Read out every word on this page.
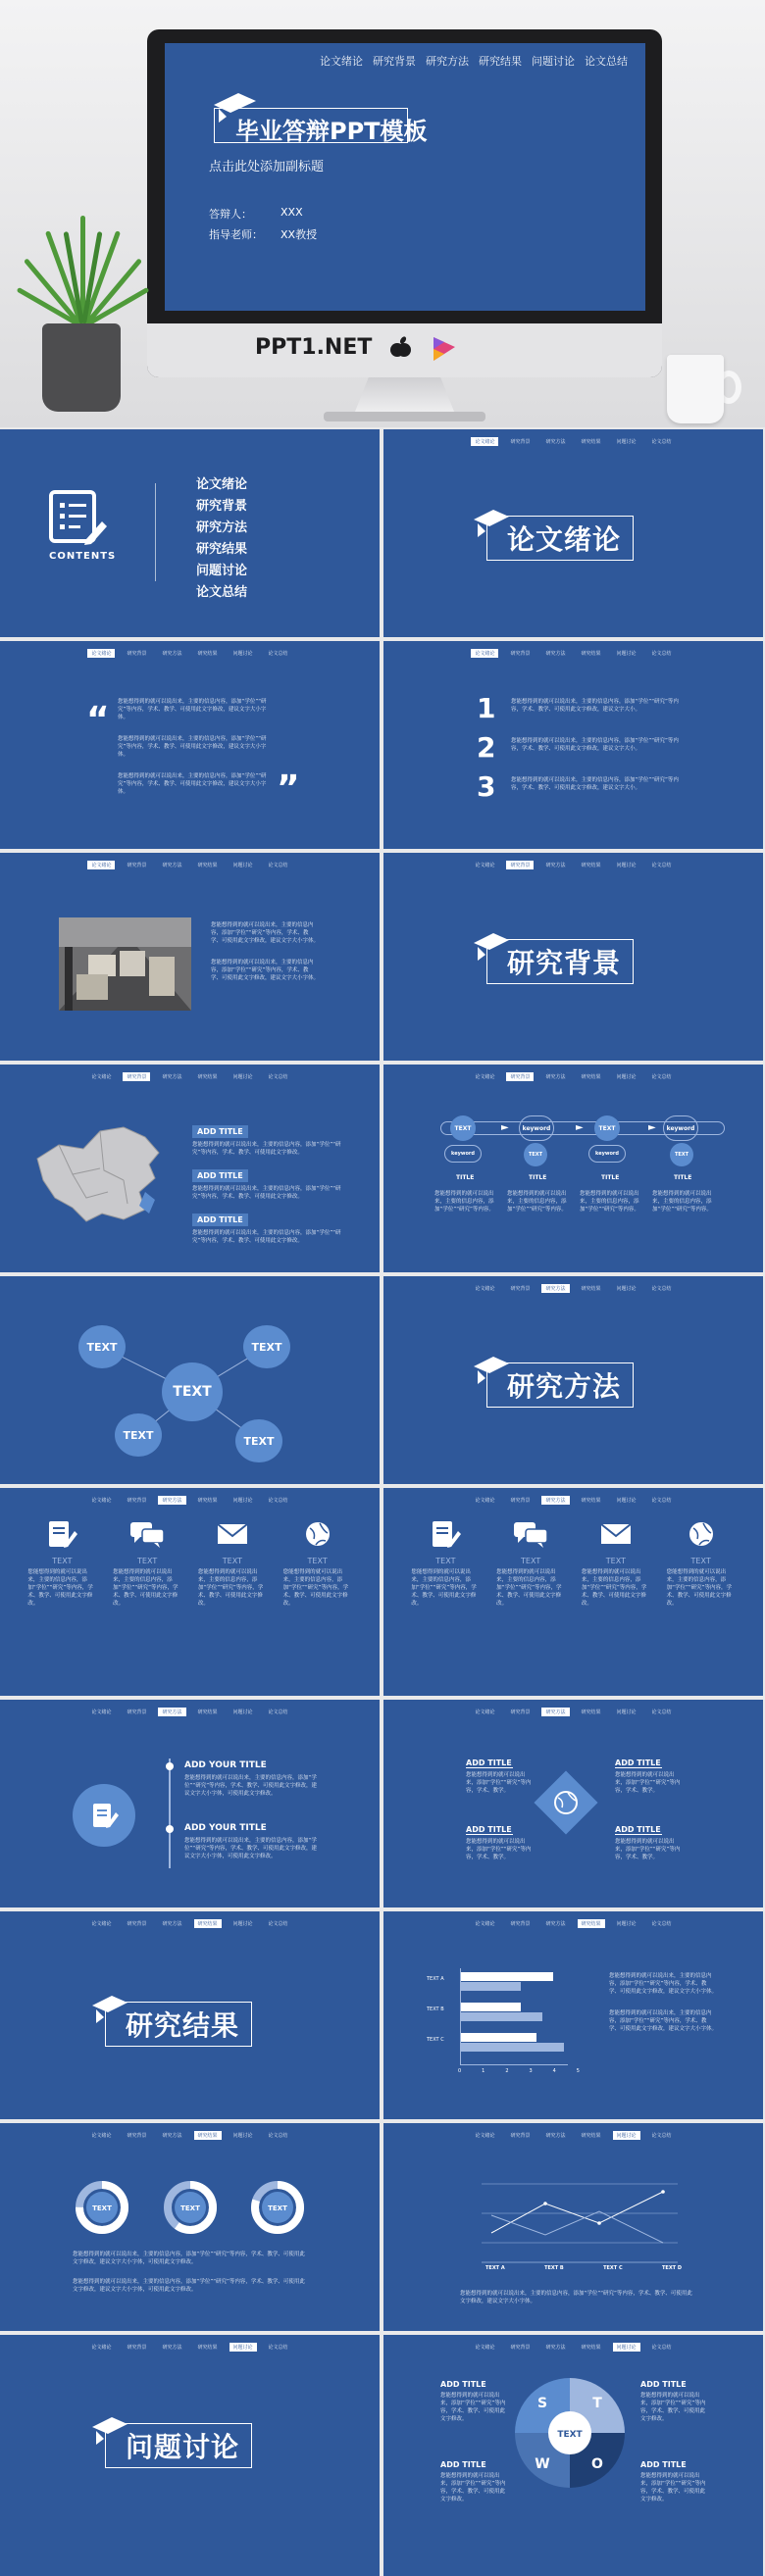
论文绪论 研究背景 研究方法 研究结果 问题讨论 论文总结
毕业答辩PPT模板
点击此处添加副标题
答辩人：	XXX
指导老师： XX教授
PPT1.NET
CONTENTS
论文绪论
研究背景
研究方法
研究结果
问题讨论
论文总结
论文绪论	研究背景	研究方法	研究结果	问题讨论	论文总结
论文绪论
论文绪论	研究背景	研究方法	研究结果	问题讨论	论文总结
“ 您能想得到的就可以说出来，主要的信息内容，添加“学位”“研究”等内容，学术、教学、可使用此文字修改，建议文字大小字体。
您能想得到的就可以说出来，主要的信息内容，添加“学位”“研究”等内容，学术、教学、可使用此文字修改，建议文字大小字体。
您能想得到的就可以说出来，主要的信息内容，添加“学位”“研究”等内容，学术、教学、可使用此文字修改，建议文字大小字体。	”
论文绪论	研究背景	研究方法	研究结果	问题讨论	论文总结
1	您能想得到的就可以说出来，主要的信息内容，添加“学位”“研究”等内容，学术、教学、可使用此文字修改，建议文字大小。
2	您能想得到的就可以说出来，主要的信息内容，添加“学位”“研究”等内容，学术、教学、可使用此文字修改，建议文字大小。
3	您能想得到的就可以说出来，主要的信息内容，添加“学位”“研究”等内容，学术、教学、可使用此文字修改，建议文字大小。
论文绪论	研究背景	研究方法	研究结果	问题讨论	论文总结
您能想得到的就可以说出来，主要的信息内容，添加“学位”“研究”等内容，学术、教学、可使用此文字修改，建议文字大小字体。
您能想得到的就可以说出来，主要的信息内容，添加“学位”“研究”等内容，学术、教学、可使用此文字修改，建议文字大小字体。
论文绪论	研究背景	研究方法	研究结果	问题讨论	论文总结
研究背景
论文绪论	研究背景	研究方法	研究结果	问题讨论	论文总结
ADD TITLE
您能想得到的就可以说出来，主要的信息内容，添加“学位”“研究”等内容，学术、教学、可使用此文字修改。
ADD TITLE
您能想得到的就可以说出来，主要的信息内容，添加“学位”“研究”等内容，学术、教学、可使用此文字修改。
ADD TITLE
您能想得到的就可以说出来，主要的信息内容，添加“学位”“研究”等内容，学术、教学、可使用此文字修改。
论文绪论	研究背景	研究方法	研究结果	问题讨论	论文总结
►	►	►
TEXT	keyword	TEXT	keyword
keyword	TEXT	keyword	TEXT
TITLE	TITLE	TITLE	TITLE
您能想得到的就可以说出来，主要的信息内容，添加“学位”“研究”等内容。
您能想得到的就可以说出来，主要的信息内容，添加“学位”“研究”等内容。
您能想得到的就可以说出来，主要的信息内容，添加“学位”“研究”等内容。
您能想得到的就可以说出来，主要的信息内容，添加“学位”“研究”等内容。
TEXT	TEXT
TEXT
TEXT	TEXT
论文绪论	研究背景	研究方法	研究结果	问题讨论	论文总结
研究方法
论文绪论	研究背景	研究方法	研究结果	问题讨论	论文总结
TEXT
您能想得到的就可以说出来，主要的信息内容，添加“学位”“研究”等内容，学术、教学、可使用此文字修改。
TEXT
您能想得到的就可以说出来，主要的信息内容，添加“学位”“研究”等内容，学术、教学、可使用此文字修改。
TEXT
您能想得到的就可以说出来，主要的信息内容，添加“学位”“研究”等内容，学术、教学、可使用此文字修改。
TEXT
您能想得到的就可以说出来，主要的信息内容，添加“学位”“研究”等内容，学术、教学、可使用此文字修改。
论文绪论	研究背景	研究方法	研究结果	问题讨论	论文总结
TEXT
您能想得到的就可以说出来，主要的信息内容，添加“学位”“研究”等内容，学术、教学、可使用此文字修改。
TEXT
您能想得到的就可以说出来，主要的信息内容，添加“学位”“研究”等内容，学术、教学、可使用此文字修改。
TEXT
您能想得到的就可以说出来，主要的信息内容，添加“学位”“研究”等内容，学术、教学、可使用此文字修改。
TEXT
您能想得到的就可以说出来，主要的信息内容，添加“学位”“研究”等内容，学术、教学、可使用此文字修改。
论文绪论	研究背景	研究方法	研究结果	问题讨论	论文总结
ADD YOUR TITLE
您能想得到的就可以说出来，主要的信息内容，添加“学位”“研究”等内容，学术、教学、可使用此文字修改，建议文字大小字体，可使用此文字修改。
ADD YOUR TITLE
您能想得到的就可以说出来，主要的信息内容，添加“学位”“研究”等内容，学术、教学、可使用此文字修改，建议文字大小字体，可使用此文字修改。
论文绪论	研究背景	研究方法	研究结果	问题讨论	论文总结
ADD TITLE
您能想得到的就可以说出来，添加“学位”“研究”等内容，学术、教学。
ADD TITLE
您能想得到的就可以说出来，添加“学位”“研究”等内容，学术、教学。
ADD TITLE
您能想得到的就可以说出来，添加“学位”“研究”等内容，学术、教学。
ADD TITLE
您能想得到的就可以说出来，添加“学位”“研究”等内容，学术、教学。
论文绪论	研究背景	研究方法	研究结果	问题讨论	论文总结
研究结果
论文绪论	研究背景	研究方法	研究结果	问题讨论	论文总结
TEXT A
TEXT B
TEXT C
0	1	2	3	4	5
您能想得到的就可以说出来，主要的信息内容，添加“学位”“研究”等内容，学术、教学、可使用此文字修改，建议文字大小字体。
您能想得到的就可以说出来，主要的信息内容，添加“学位”“研究”等内容，学术、教学、可使用此文字修改，建议文字大小字体。
论文绪论	研究背景	研究方法	研究结果	问题讨论	论文总结
TEXT	TEXT	TEXT
您能想得到的就可以说出来，主要的信息内容，添加“学位”“研究”等内容，学术、教学、可使用此文字修改，建议文字大小字体，可使用此文字修改。
您能想得到的就可以说出来，主要的信息内容，添加“学位”“研究”等内容，学术、教学、可使用此文字修改，建议文字大小字体，可使用此文字修改。
论文绪论	研究背景	研究方法	研究结果	问题讨论	论文总结
TEXT A	TEXT B	TEXT C	TEXT D
您能想得到的就可以说出来，主要的信息内容，添加“学位”“研究”等内容，学术、教学、可使用此文字修改，建议文字大小字体。
论文绪论	研究背景	研究方法	研究结果	问题讨论	论文总结
问题讨论
论文绪论	研究背景	研究方法	研究结果	问题讨论	论文总结
TEXT
S	T
O
W
ADD TITLE
您能想得到的就可以说出来，添加“学位”“研究”等内容，学术、教学、可使用此文字修改。
ADD TITLE
您能想得到的就可以说出来，添加“学位”“研究”等内容，学术、教学、可使用此文字修改。
ADD TITLE
您能想得到的就可以说出来，添加“学位”“研究”等内容，学术、教学、可使用此文字修改。
ADD TITLE
您能想得到的就可以说出来，添加“学位”“研究”等内容，学术、教学、可使用此文字修改。
